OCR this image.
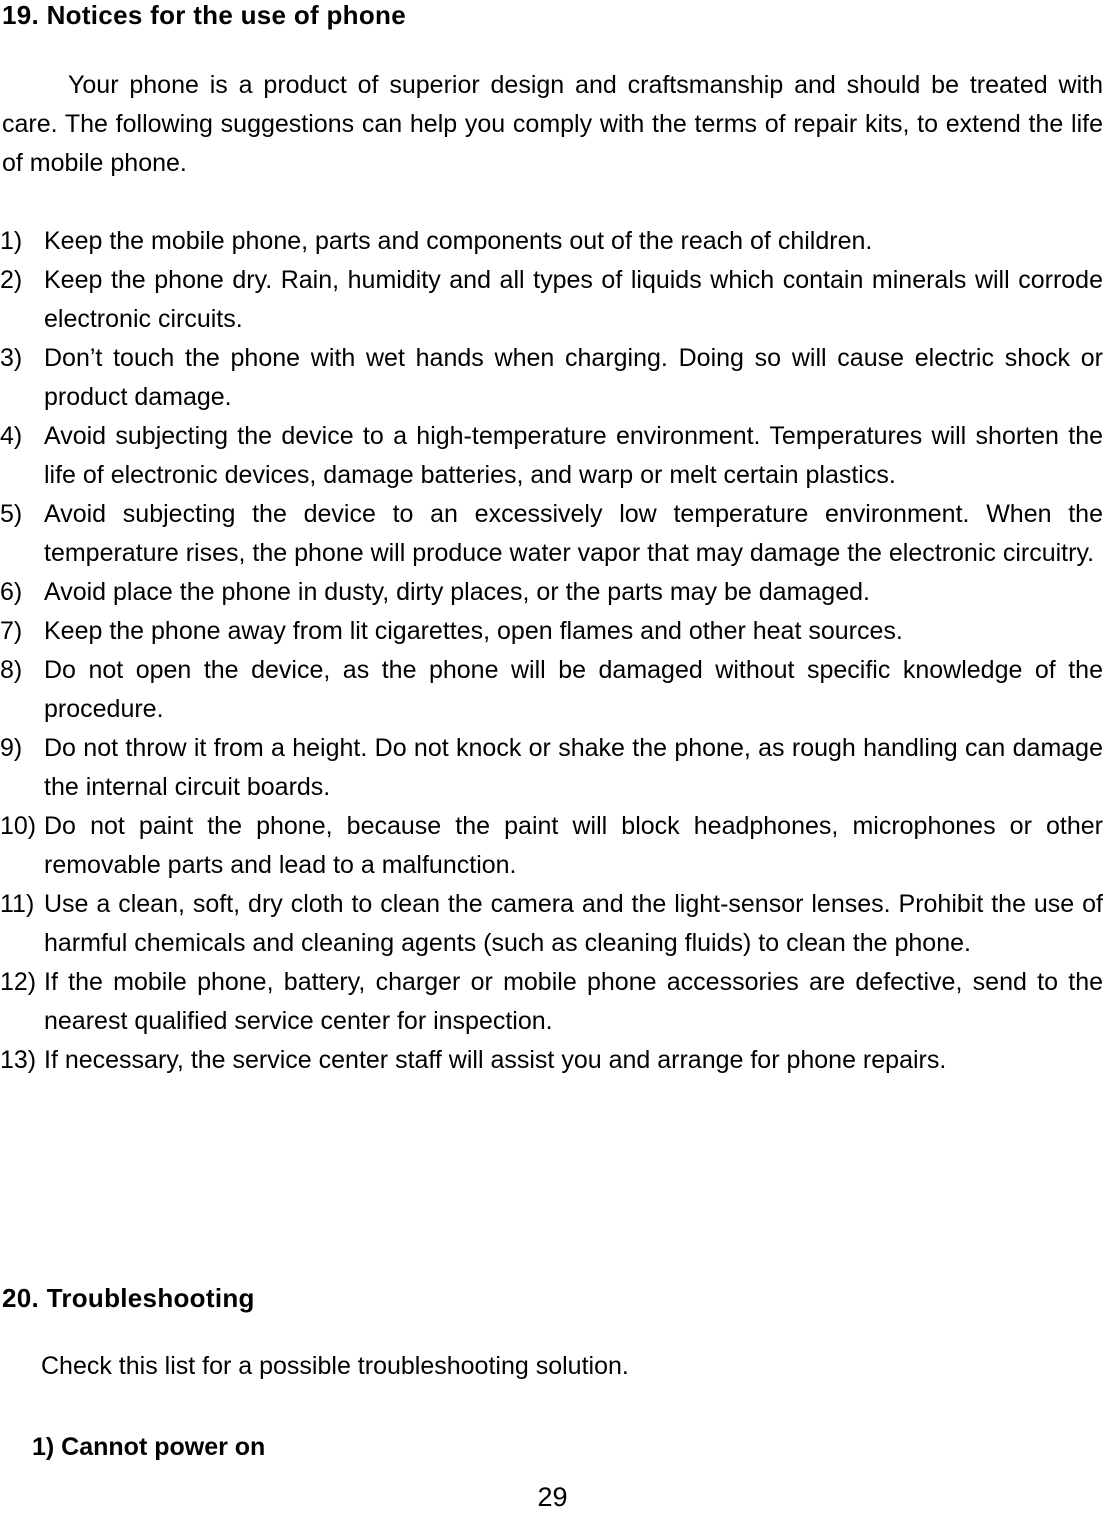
19. Notices for the use of phone
Your phone is a product of superior design and craftsmanship and should be treated with care. The following suggestions can help you comply with the terms of repair kits, to extend the life of mobile phone.
1) Keep the mobile phone, parts and components out of the reach of children.
2) Keep the phone dry. Rain, humidity and all types of liquids which contain minerals will corrode electronic circuits.
3) Don’t touch the phone with wet hands when charging. Doing so will cause electric shock or product damage.
4) Avoid subjecting the device to a high-temperature environment. Temperatures will shorten the life of electronic devices, damage batteries, and warp or melt certain plastics.
5) Avoid subjecting the device to an excessively low temperature environment. When the temperature rises, the phone will produce water vapor that may damage the electronic circuitry.
6) Avoid place the phone in dusty, dirty places, or the parts may be damaged.
7) Keep the phone away from lit cigarettes, open flames and other heat sources.
8) Do not open the device, as the phone will be damaged without specific knowledge of the procedure.
9) Do not throw it from a height. Do not knock or shake the phone, as rough handling can damage the internal circuit boards.
10) Do not paint the phone, because the paint will block headphones, microphones or other removable parts and lead to a malfunction.
11) Use a clean, soft, dry cloth to clean the camera and the light-sensor lenses. Prohibit the use of harmful chemicals and cleaning agents (such as cleaning fluids) to clean the phone.
12) If the mobile phone, battery, charger or mobile phone accessories are defective, send to the nearest qualified service center for inspection.
13) If necessary, the service center staff will assist you and arrange for phone repairs.
20. Troubleshooting
Check this list for a possible troubleshooting solution.
1) Cannot power on
29
